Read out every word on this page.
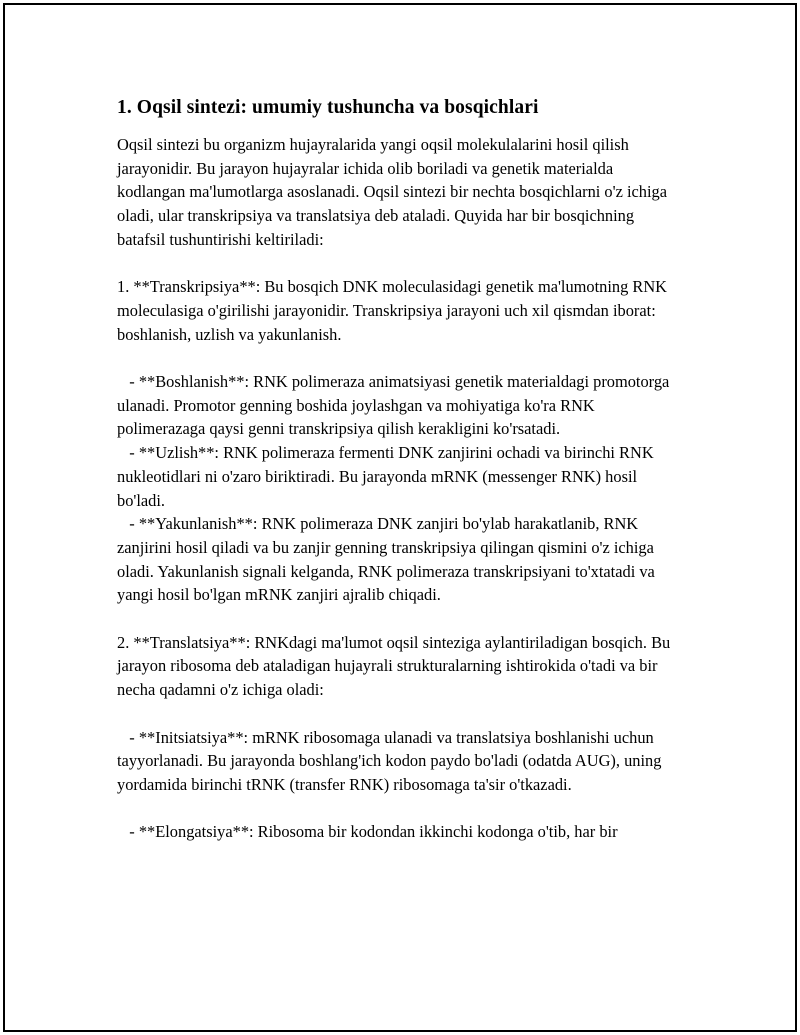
1. Oqsil sintezi: umumiy tushuncha va bosqichlari

Oqsil sintezi bu organizm hujayralarida yangi oqsil molekulalarini hosil qilish jarayonidir. Bu jarayon hujayralar ichida olib boriladi va genetik materialda kodlangan ma'lumotlarga asoslanadi. Oqsil sintezi bir nechta bosqichlarni o'z ichiga oladi, ular transkripsiya va translatsiya deb ataladi. Quyida har bir bosqichning batafsil tushuntirishi keltiriladi:

1. **Transkripsiya**: Bu bosqich DNK moleculasidagi genetik ma'lumotning RNK moleculasiga o'girilishi jarayonidir. Transkripsiya jarayoni uch xil qismdan iborat: boshlanish, uzlish va yakunlanish.

- **Boshlanish**: RNK polimeraza animatsiyasi genetik materialdagi promotorga ulanadi. Promotor genning boshida joylashgan va mohiyatiga ko'ra RNK polimerazaga qaysi genni transkripsiya qilish kerakligini ko'rsatadi.
- **Uzlish**: RNK polimeraza fermenti DNK zanjirini ochadi va birinchi RNK nukleotidlari ni o'zaro biriktiradi. Bu jarayonda mRNK (messenger RNK) hosil bo'ladi.
- **Yakunlanish**: RNK polimeraza DNK zanjiri bo'ylab harakatlanib, RNK zanjirini hosil qiladi va bu zanjir genning transkripsiya qilingan qismini o'z ichiga oladi. Yakunlanish signali kelganda, RNK polimeraza transkripsiyani to'xtatadi va yangi hosil bo'lgan mRNK zanjiri ajralib chiqadi.

2. **Translatsiya**: RNKdagi ma'lumot oqsil sinteziga aylantiriladigan bosqich. Bu jarayon ribosoma deb ataladigan hujayrali strukturalarning ishtirokida o'tadi va bir necha qadamni o'z ichiga oladi:

- **Initsiatsiya**: mRNK ribosomaga ulanadi va translatsiya boshlanishi uchun tayyorlanadi. Bu jarayonda boshlang'ich kodon paydo bo'ladi (odatda AUG), uning yordamida birinchi tRNK (transfer RNK) ribosomaga ta'sir o'tkazadi.

- **Elongatsiya**: Ribosoma bir kodondan ikkinchi kodonga o'tib, har bir
